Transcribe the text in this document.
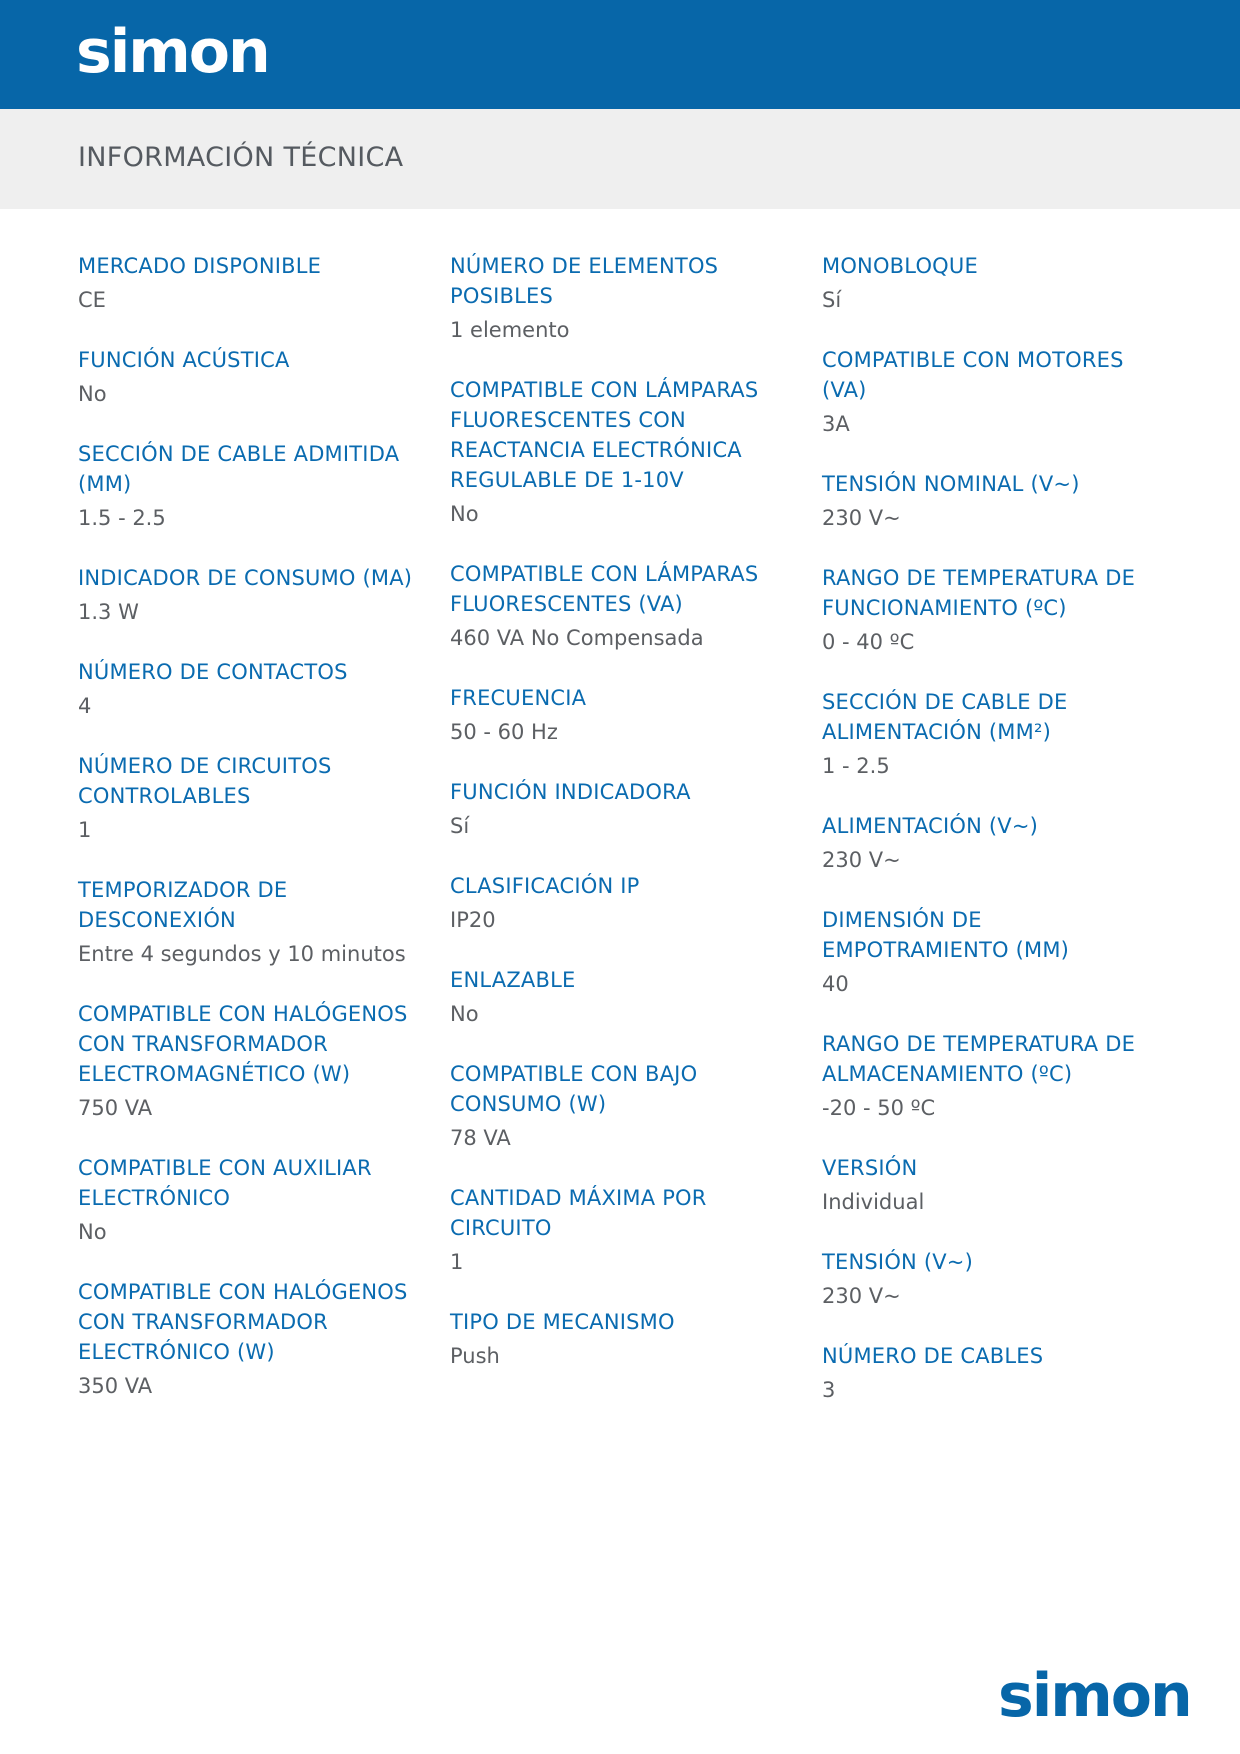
simon
INFORMACIÓN TÉCNICA
MERCADO DISPONIBLE
CE
FUNCIÓN ACÚSTICA
No
SECCIÓN DE CABLE ADMITIDA (MM)
1.5 - 2.5
INDICADOR DE CONSUMO (MA)
1.3 W
NÚMERO DE CONTACTOS
4
NÚMERO DE CIRCUITOS CONTROLABLES
1
TEMPORIZADOR DE DESCONEXIÓN
Entre 4 segundos y 10 minutos
COMPATIBLE CON HALÓGENOS CON TRANSFORMADOR ELECTROMAGNÉTICO (W)
750 VA
COMPATIBLE CON AUXILIAR ELECTRÓNICO
No
COMPATIBLE CON HALÓGENOS CON TRANSFORMADOR ELECTRÓNICO (W)
350 VA
NÚMERO DE ELEMENTOS POSIBLES
1 elemento
COMPATIBLE CON LÁMPARAS FLUORESCENTES CON REACTANCIA ELECTRÓNICA REGULABLE DE 1-10V
No
COMPATIBLE CON LÁMPARAS FLUORESCENTES (VA)
460 VA No Compensada
FRECUENCIA
50 - 60 Hz
FUNCIÓN INDICADORA
Sí
CLASIFICACIÓN IP
IP20
ENLAZABLE
No
COMPATIBLE CON BAJO CONSUMO (W)
78 VA
CANTIDAD MÁXIMA POR CIRCUITO
1
TIPO DE MECANISMO
Push
MONOBLOQUE
Sí
COMPATIBLE CON MOTORES (VA)
3A
TENSIÓN NOMINAL (V~)
230 V~
RANGO DE TEMPERATURA DE FUNCIONAMIENTO (ºC)
0 - 40 ºC
SECCIÓN DE CABLE DE ALIMENTACIÓN (MM²)
1 - 2.5
ALIMENTACIÓN (V~)
230 V~
DIMENSIÓN DE EMPOTRAMIENTO (MM)
40
RANGO DE TEMPERATURA DE ALMACENAMIENTO (ºC)
-20 - 50 ºC
VERSIÓN
Individual
TENSIÓN (V~)
230 V~
NÚMERO DE CABLES
3
simon
